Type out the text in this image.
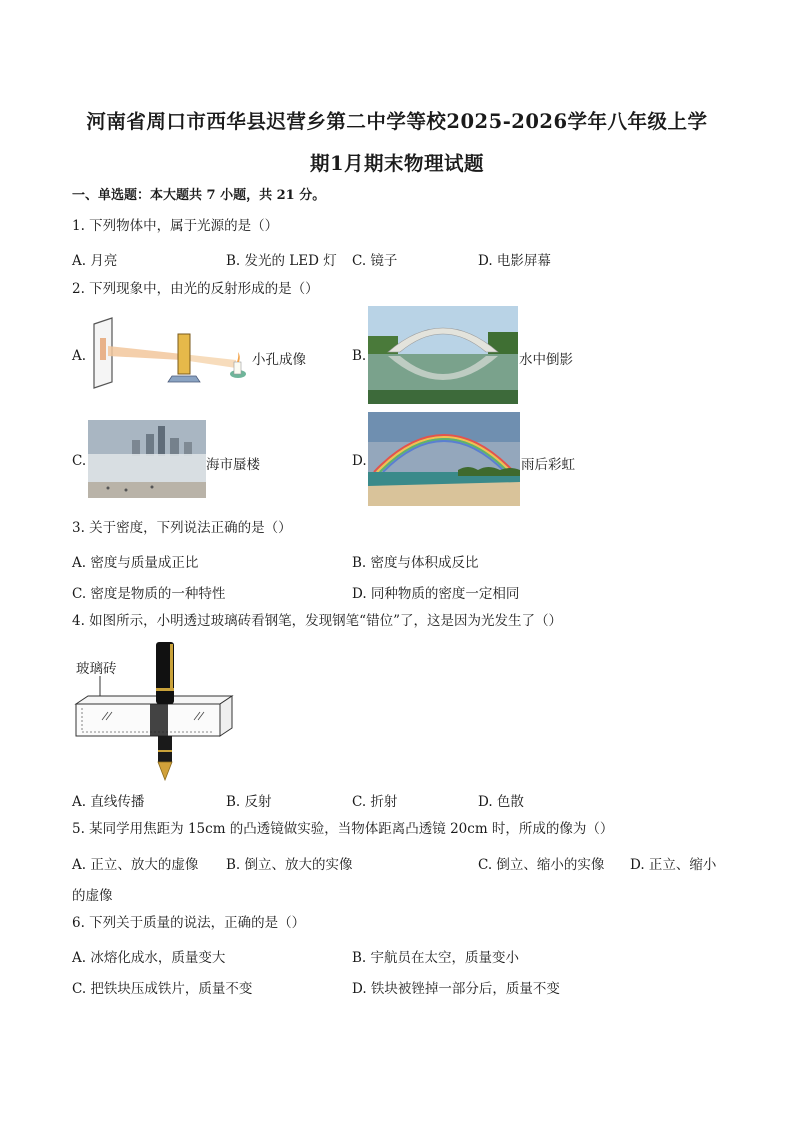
河南省周口市西华县迟营乡第二中学等校2025-2026学年八年级上学
期1月期末物理试题
一、单选题：本大题共 7 小题，共 21 分。
1. 下列物体中，属于光源的是（）
A. 月亮	B. 发光的 LED 灯 C. 镜子	D. 电影屏幕
2. 下列现象中，由光的反射形成的是（）
A.	小孔成像	B.	水中倒影
C.	海市蜃楼	D.	雨后彩虹
3. 关于密度，下列说法正确的是（）
A. 密度与质量成正比	B. 密度与体积成反比
C. 密度是物质的一种特性	D. 同种物质的密度一定相同
4. 如图所示，小明透过玻璃砖看钢笔，发现钢笔“错位”了，这是因为光发生了（）
玻璃砖
A. 直线传播	B. 反射	C. 折射	D. 色散
5. 某同学用焦距为 15cm 的凸透镜做实验，当物体距离凸透镜 20cm 时，所成的像为（）
A. 正立、放大的虚像 B. 倒立、放大的实像	C. 倒立、缩小的实像 D. 正立、缩小
的虚像
6. 下列关于质量的说法，正确的是（）
A. 冰熔化成水，质量变大	B. 宇航员在太空，质量变小
C. 把铁块压成铁片，质量不变	D. 铁块被锉掉一部分后，质量不变
